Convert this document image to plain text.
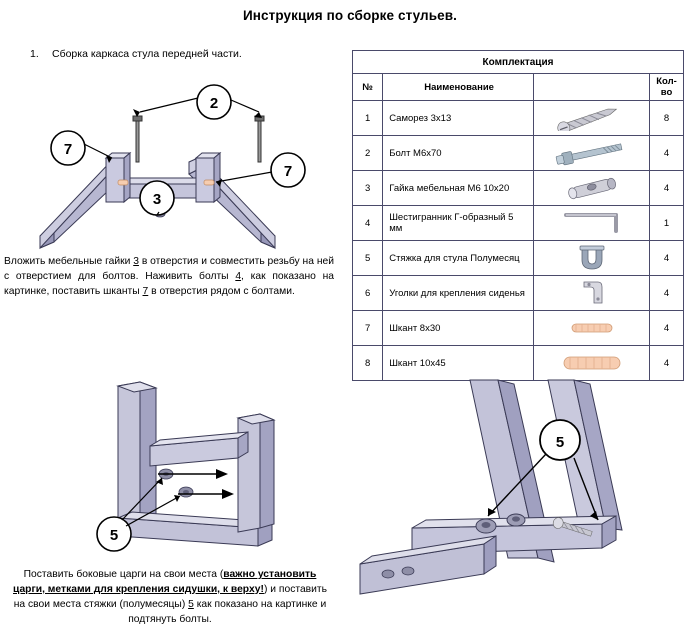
Инструкция по сборке стульев.
1. Сборка каркаса стула передней части.
2
7
7
3
Вложить мебельные гайки 3 в отверстия и совместить резьбу на ней с отверстием для болтов. Наживить болты 4, как показано на картинке, поставить шканты 7 в отверстия рядом с болтами.
Комплектация			
№	Наименование		Кол-во
1	Саморез 3х13		8
2	Болт М6х70		4
3	Гайка мебельная М6 10х20		4
4	Шестигранник Г-образный 5 мм		1
5	Стяжка для стула Полумесяц		4
6	Уголки для крепления сиденья		4
7	Шкант 8х30		4
8	Шкант 10х45		4
5
Поставить боковые царги на свои места (важно установить царги, метками для крепления сидушки, к верху!) и поставить на свои места стяжки (полумесяцы) 5 как показано на картинке и подтянуть болты.
5
